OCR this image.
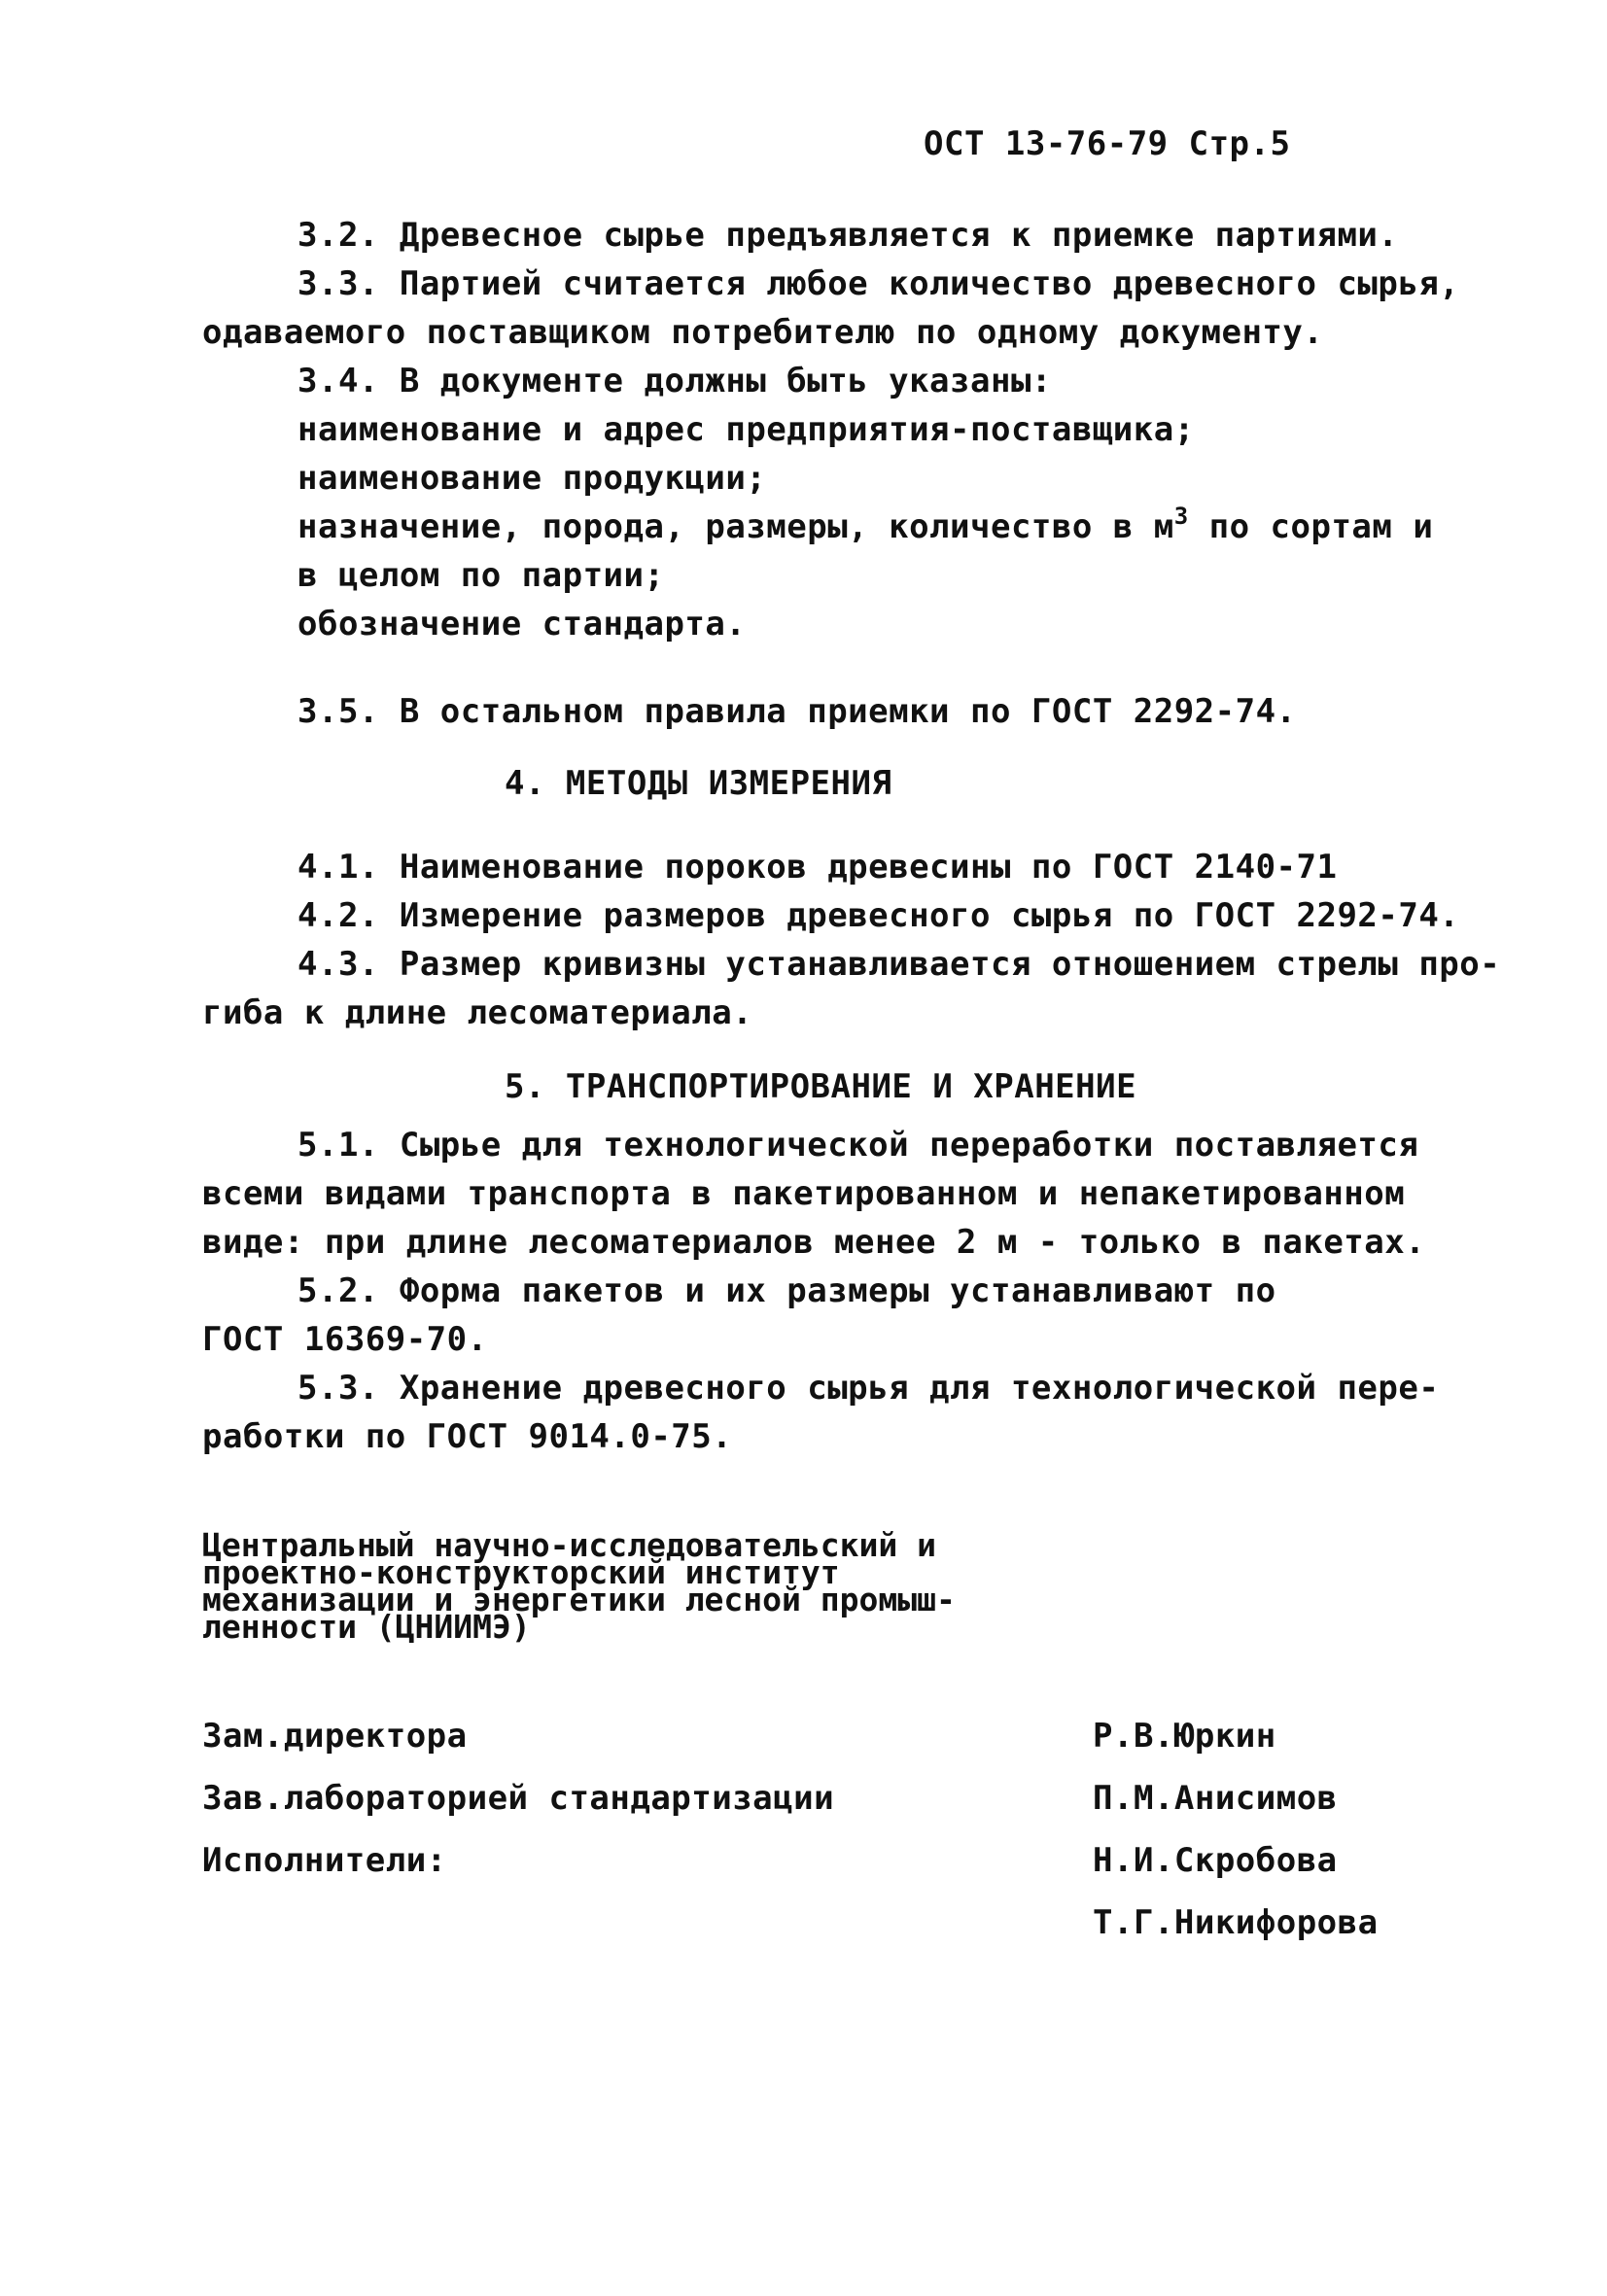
ОСТ 13-76-79 Стр.5
3.2. Древесное сырье предъявляется к приемке партиями.
3.3. Партией считается любое количество древесного сырья,
одаваемого поставщиком потребителю по одному документу.
3.4. В документе должны быть указаны:
наименование и адрес предприятия-поставщика;
наименование продукции;
назначение, порода, размеры, количество в $м^3$ по сортам и
в целом по партии;
обозначение стандарта.
3.5. В остальном правила приемки по ГОСТ 2292-74.
4. МЕТОДЫ ИЗМЕРЕНИЯ
4.1. Наименование пороков древесины по ГОСТ 2140-71
4.2. Измерение размеров древесного сырья по ГОСТ 2292-74.
4.3. Размер кривизны устанавливается отношением стрелы про-
гиба к длине лесоматериала.
5. ТРАНСПОРТИРОВАНИЕ И ХРАНЕНИЕ
5.1. Сырье для технологической переработки поставляется
всеми видами транспорта в пакетированном и непакетированном
виде: при длине лесоматериалов менее 2 м - только в пакетах.
5.2. Форма пакетов и их размеры устанавливают по
ГОСТ 16369-70.
5.3. Хранение древесного сырья для технологической пере-
работки по ГОСТ 9014.0-75.
Центральный научно-исследовательский и
проектно-конструкторский институт
механизации и энергетики лесной промыш-
ленности (ЦНИИМЭ)
Зам.директора	Р.В.Юркин
Зав.лабораторией стандартизации	П.М.Анисимов
Исполнители:	Н.И.Скробова
Т.Г.Никифорова
